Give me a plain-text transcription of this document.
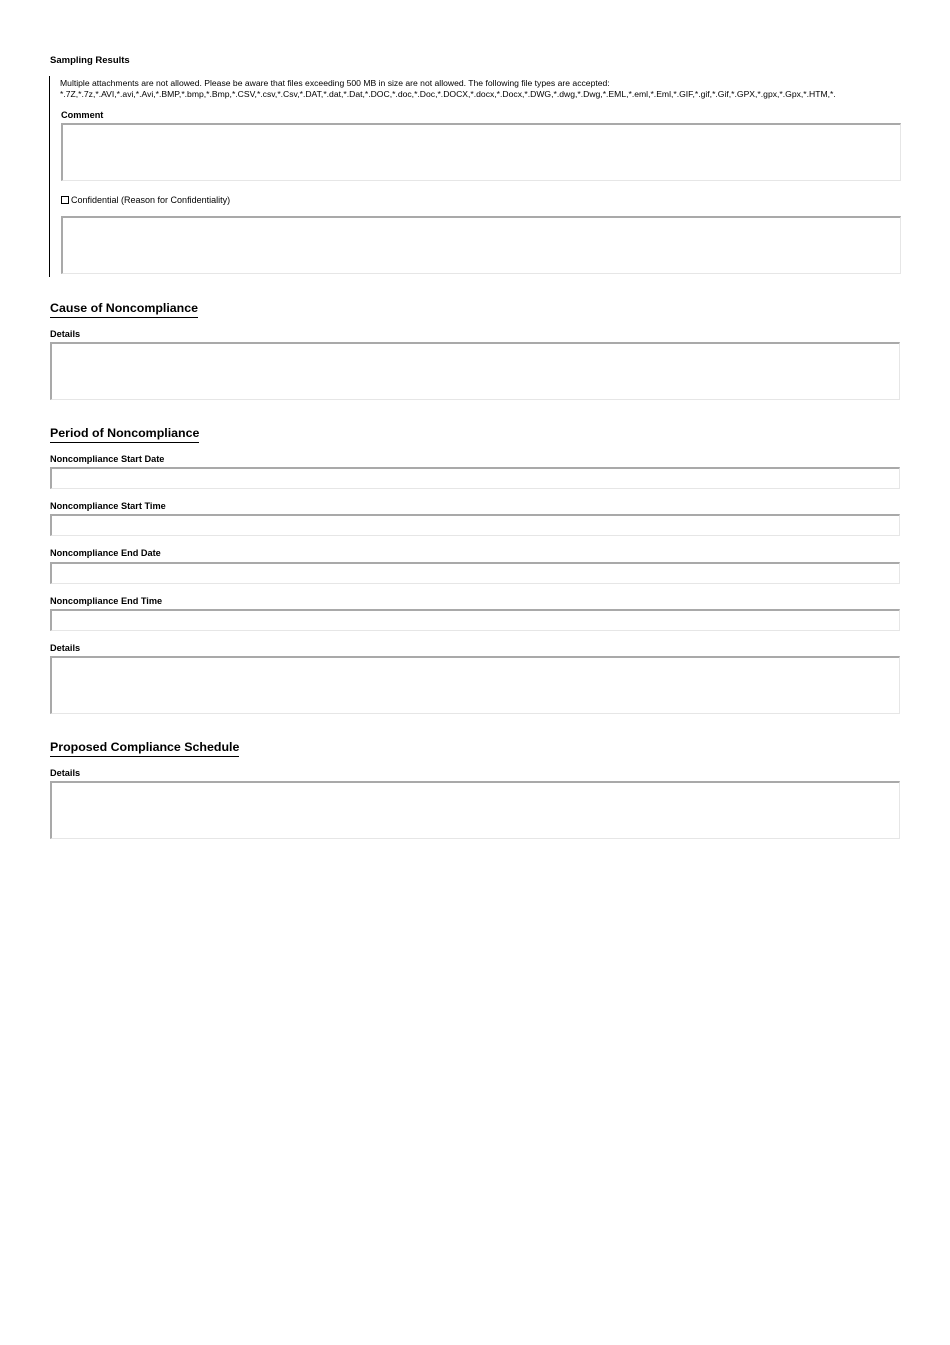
Sampling Results
Multiple attachments are not allowed. Please be aware that files exceeding 500 MB in size are not allowed. The following file types are accepted:
*.7Z,*.7z,*.AVI,*.avi,*.Avi,*.BMP,*.bmp,*.Bmp,*.CSV,*.csv,*.Csv,*.DAT,*.dat,*.Dat,*.DOC,*.doc,*.Doc,*.DOCX,*.docx,*.Docx,*.DWG,*.dwg,*.Dwg,*.EML,*.eml,*.Eml,*.GIF,*.gif,*.Gif,*.GPX,*.gpx,*.Gpx,*.HTM,*.
Comment
Confidential (Reason for Confidentiality)
Cause of Noncompliance
Details
Period of Noncompliance
Noncompliance Start Date
Noncompliance Start Time
Noncompliance End Date
Noncompliance End Time
Details
Proposed Compliance Schedule
Details
